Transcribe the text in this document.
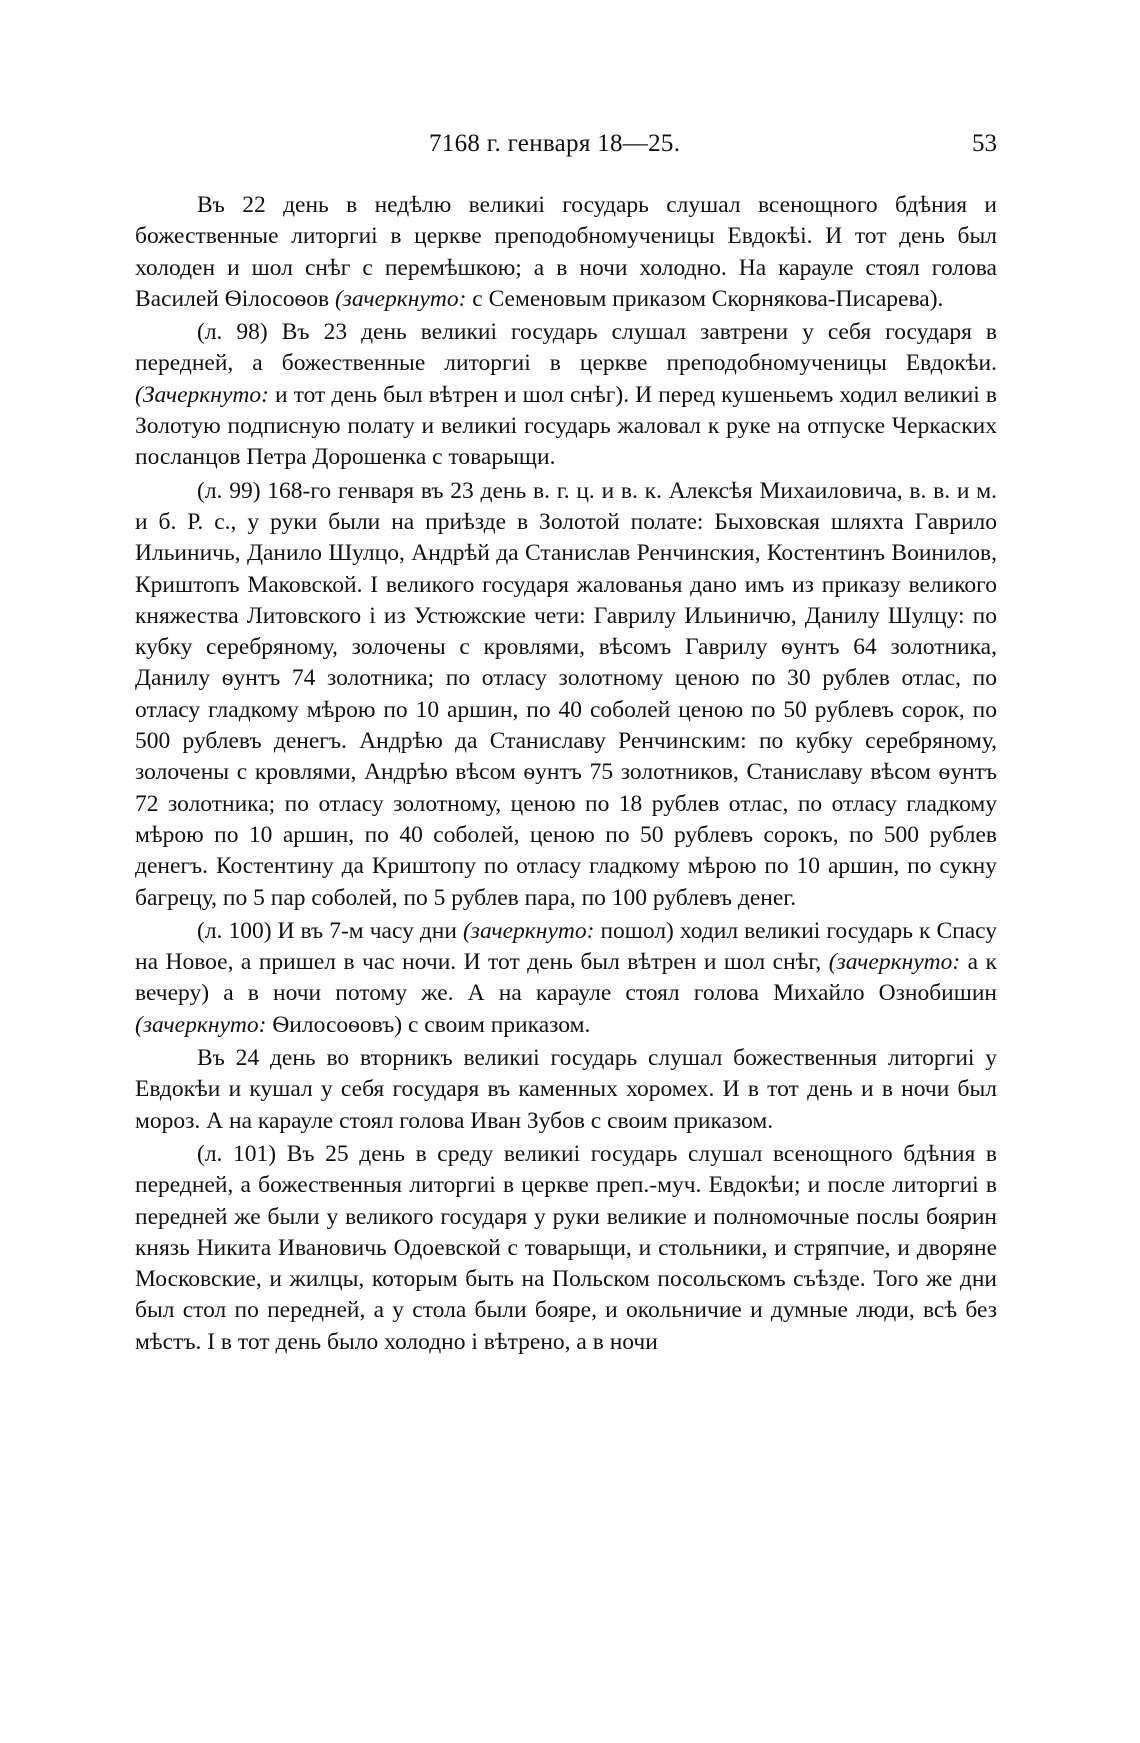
7168 г. генваря 18—25.	53

Въ 22 день в недѣлю великиі государь слушал всенощного бдѣния и божественные литоргиі в церкве преподобномученицы Евдокѣі. И тот день был холоден и шол снѣг с перемѣшкою; а в ночи холодно. На карауле стоял голова Василей Ѳілосоѳов (зачеркнуто: с Семеновым приказом Скорнякова-Писарева).

(л. 98) Въ 23 день великиі государь слушал завтрени у себя государя в передней, а божественные литоргиі в церкве преподобномученицы Евдокѣи. (Зачеркнуто: и тот день был вѣтрен и шол снѣг). И перед кушеньемъ ходил великиі в Золотую подписную полату и великиі государь жаловал к руке на отпуске Черкаских посланцов Петра Дорошенка с товарыщи.

(л. 99) 168-го генваря въ 23 день в. г. ц. и в. к. Алексѣя Михаиловича, в. в. и м. и б. Р. с., у руки были на приѣзде в Золотой полате: Быховская шляхта Гаврило Ильиничь, Данило Шулцо, Андрѣй да Станислав Ренчинския, Костентинъ Воинилов, Криштопъ Маковской. І великого государя жалованья дано имъ из приказу великого княжества Литовского і из Устюжские чети: Гаврилу Ильиничю, Данилу Шулцу: по кубку серебряному, золочены с кровлями, вѣсомъ Гаврилу ѳунтъ 64 золотника, Данилу ѳунтъ 74 золотника; по отласу золотному ценою по 30 рублев отлас, по отласу гладкому мѣрою по 10 аршин, по 40 соболей ценою по 50 рублевъ сорок, по 500 рублевъ денегъ. Андрѣю да Станиславу Ренчинским: по кубку серебряному, золочены с кровлями, Андрѣю вѣсом ѳунтъ 75 золотников, Станиславу вѣсом ѳунтъ 72 золотника; по отласу золотному, ценою по 18 рублев отлас, по отласу гладкому мѣрою по 10 аршин, по 40 соболей, ценою по 50 рублевъ сорокъ, по 500 рублев денегъ. Костентину да Криштопу по отласу гладкому мѣрою по 10 аршин, по сукну багрецу, по 5 пар соболей, по 5 рублев пара, по 100 рублевъ денег.

(л. 100) И въ 7-м часу дни (зачеркнуто: пошол) ходил великиі государь к Спасу на Новое, а пришел в час ночи. И тот день был вѣтрен и шол снѣг, (зачеркнуто: а к вечеру) а в ночи потому же. А на карауле стоял голова Михайло Ознобишин (зачеркнуто: Ѳилосоѳовъ) с своим приказом.

Въ 24 день во вторникъ великиі государь слушал божественныя литоргиі у Евдокѣи и кушал у себя государя въ каменных хоромех. И в тот день и в ночи был мороз. А на карауле стоял голова Иван Зубов с своим приказом.

(л. 101) Въ 25 день в среду великиі государь слушал всенощного бдѣния в передней, а божественныя литоргиі в церкве преп.-муч. Евдокѣи; и после литоргиі в передней же были у великого государя у руки великие и полномочные послы боярин князь Никита Ивановичь Одоевской с товарыщи, и стольники, и стряпчие, и дворяне Московские, и жилцы, которым быть на Польском посольскомъ съѣзде. Того же дни был стол по передней, а у стола были бояре, и окольничие и думные люди, всѣ без мѣстъ. І в тот день было холодно і вѣтрено, а в ночи
